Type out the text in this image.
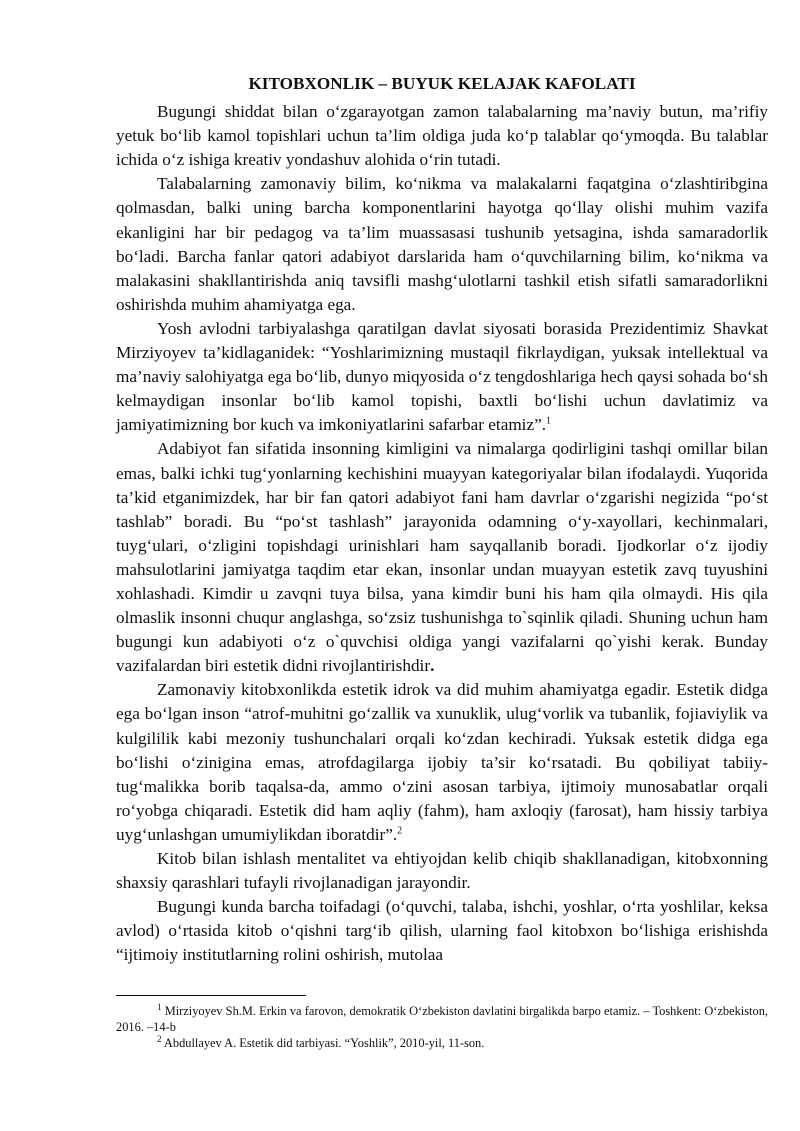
KITOBXONLIK – BUYUK KELAJAK KAFOLATI

Bugungi shiddat bilan o‘zgarayotgan zamon talabalarning ma’naviy butun, ma’rifiy yetuk bo‘lib kamol topishlari uchun ta’lim oldiga juda ko‘p talablar qo‘ymoqda. Bu talablar ichida o‘z ishiga kreativ yondashuv alohida o‘rin tutadi.

Talabalarning zamonaviy bilim, ko‘nikma va malakalarni faqatgina o‘zlashtiribgina qolmasdan, balki uning barcha komponentlarini hayotga qo‘llay olishi muhim vazifa ekanligini har bir pedagog va ta’lim muassasasi tushunib yetsagina, ishda samaradorlik bo‘ladi. Barcha fanlar qatori adabiyot darslarida ham o‘quvchilarning bilim, ko‘nikma va malakasini shakllantirishda aniq tavsifli mashg‘ulotlarni tashkil etish sifatli samaradorlikni oshirishda muhim ahamiyatga ega.

Yosh avlodni tarbiyalashga qaratilgan davlat siyosati borasida Prezidentimiz Shavkat Mirziyoyev ta’kidlaganidek: “Yoshlarimizning mustaqil fikrlaydigan, yuksak intellektual va ma’naviy salohiyatga ega bo‘lib, dunyo miqyosida o‘z tengdoshlariga hech qaysi sohada bo‘sh kelmaydigan insonlar bo‘lib kamol topishi, baxtli bo‘lishi uchun davlatimiz va jamiyatimizning bor kuch va imkoniyatlarini safarbar etamiz”.$^1$

Adabiyot fan sifatida insonning kimligini va nimalarga qodirligini tashqi omillar bilan emas, balki ichki tug‘yonlarning kechishini muayyan kategoriyalar bilan ifodalaydi. Yuqorida ta’kid etganimizdek, har bir fan qatori adabiyot fani ham davrlar o‘zgarishi negizida “po‘st tashlab” boradi. Bu “po‘st tashlash” jarayonida odamning o‘y-xayollari, kechinmalari, tuyg‘ulari, o‘zligini topishdagi urinishlari ham sayqallanib boradi. Ijodkorlar o‘z ijodiy mahsulotlarini jamiyatga taqdim etar ekan, insonlar undan muayyan estetik zavq tuyushini xohlashadi. Kimdir u zavqni tuya bilsa, yana kimdir buni his ham qila olmaydi. His qila olmaslik insonni chuqur anglashga, so‘zsiz tushunishga to`sqinlik qiladi. Shuning uchun ham bugungi kun adabiyoti o‘z o`quvchisi oldiga yangi vazifalarni qo`yishi kerak. Bunday vazifalardan biri estetik didni rivojlantirishdir.

Zamonaviy kitobxonlikda estetik idrok va did muhim ahamiyatga egadir. Estetik didga ega bo‘lgan inson “atrof-muhitni go‘zallik va xunuklik, ulug‘vorlik va tubanlik, fojiaviylik va kulgililik kabi mezoniy tushunchalari orqali ko‘zdan kechiradi. Yuksak estetik didga ega bo‘lishi o‘zinigina emas, atrofdagilarga ijobiy ta’sir ko‘rsatadi. Bu qobiliyat tabiiy-tug‘malikka borib taqalsa-da, ammo o‘zini asosan tarbiya, ijtimoiy munosabatlar orqali ro‘yobga chiqaradi. Estetik did ham aqliy (fahm), ham axloqiy (farosat), ham hissiy tarbiya uyg‘unlashgan umumiylikdan iboratdir”.$^2$

Kitob bilan ishlash mentalitet va ehtiyojdan kelib chiqib shakllanadigan, kitobxonning shaxsiy qarashlari tufayli rivojlanadigan jarayondir.

Bugungi kunda barcha toifadagi (o‘quvchi, talaba, ishchi, yoshlar, o‘rta yoshlilar, keksa avlod) o‘rtasida kitob o‘qishni targ‘ib qilish, ularning faol kitobxon bo‘lishiga erishishda “ijtimoiy institutlarning rolini oshirish, mutolaa

$^1$ Mirziyoyev Sh.M. Erkin va farovon, demokratik O‘zbekiston davlatini birgalikda barpo etamiz. – Toshkent: O‘zbekiston, 2016. –14-b

$^2$ Abdullayev A. Estetik did tarbiyasi. “Yoshlik”, 2010-yil, 11-son.
